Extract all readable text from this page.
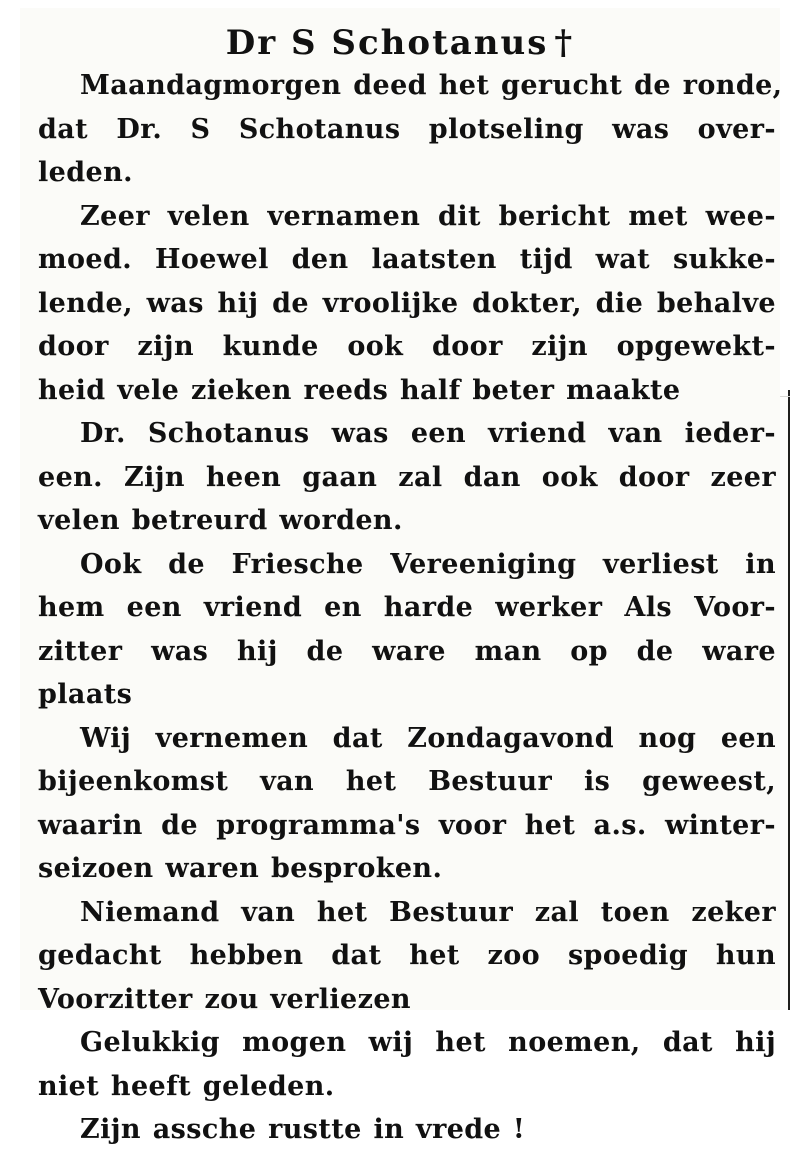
Dr S Schotanus †

Maandagmorgen deed het gerucht de ronde,
dat Dr. S Schotanus plotseling was over-
leden.

Zeer velen vernamen dit bericht met wee-
moed. Hoewel den laatsten tijd wat sukke-
lende, was hij de vroolijke dokter, die behalve
door zijn kunde ook door zijn opgewekt-
heid vele zieken reeds half beter maakte

Dr. Schotanus was een vriend van ieder-
een. Zijn heen gaan zal dan ook door zeer
velen betreurd worden.

Ook de Friesche Vereeniging verliest in
hem een vriend en harde werker Als Voor-
zitter was hij de ware man op de ware
plaats

Wij vernemen dat Zondagavond nog een
bijeenkomst van het Bestuur is geweest,
waarin de programma's voor het a.s. winter-
seizoen waren besproken.

Niemand van het Bestuur zal toen zeker
gedacht hebben dat het zoo spoedig hun
Voorzitter zou verliezen

Gelukkig mogen wij het noemen, dat hij
niet heeft geleden.

Zijn assche rustte in vrede !
